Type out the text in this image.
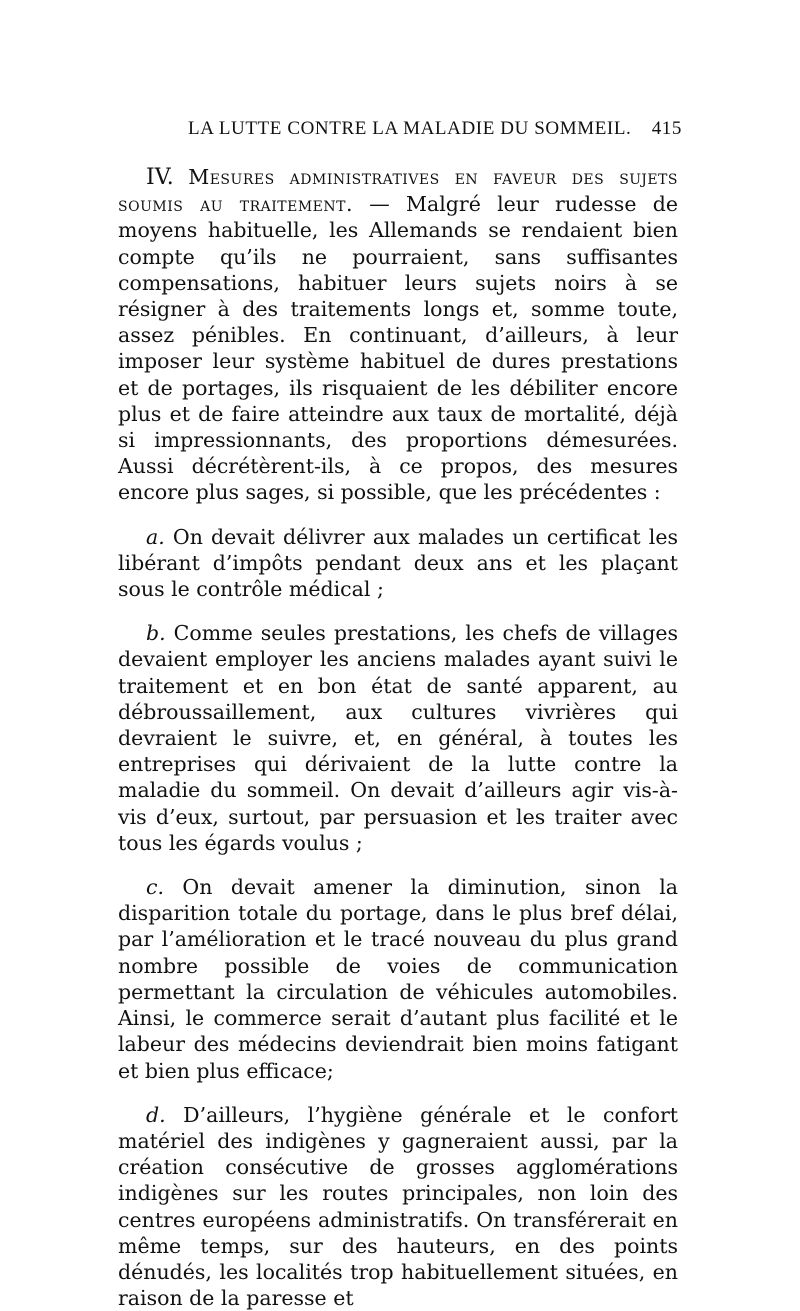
LA LUTTE CONTRE LA MALADIE DU SOMMEIL. 415

IV. Mesures administratives en faveur des sujets soumis au traitement. — Malgré leur rudesse de moyens habituelle, les Allemands se rendaient bien compte qu’ils ne pourraient, sans suffisantes compensations, habituer leurs sujets noirs à se résigner à des traitements longs et, somme toute, assez pénibles. En continuant, d’ailleurs, à leur imposer leur système habituel de dures prestations et de portages, ils risquaient de les débiliter encore plus et de faire atteindre aux taux de mortalité, déjà si impressionnants, des proportions démesurées. Aussi décrétèrent-ils, à ce propos, des mesures encore plus sages, si possible, que les précédentes :

a. On devait délivrer aux malades un certificat les libérant d’impôts pendant deux ans et les plaçant sous le contrôle médical ;

b. Comme seules prestations, les chefs de villages devaient employer les anciens malades ayant suivi le traitement et en bon état de santé apparent, au débroussaillement, aux cultures vivrières qui devraient le suivre, et, en général, à toutes les entreprises qui dérivaient de la lutte contre la maladie du sommeil. On devait d’ailleurs agir vis-à-vis d’eux, surtout, par persuasion et les traiter avec tous les égards voulus ;

c. On devait amener la diminution, sinon la disparition totale du portage, dans le plus bref délai, par l’amélioration et le tracé nouveau du plus grand nombre possible de voies de communication permettant la circulation de véhicules automobiles. Ainsi, le commerce serait d’autant plus facilité et le labeur des médecins deviendrait bien moins fatigant et bien plus efficace;

d. D’ailleurs, l’hygiène générale et le confort matériel des indigènes y gagneraient aussi, par la création consécutive de grosses agglomérations indigènes sur les routes principales, non loin des centres européens administratifs. On transférerait en même temps, sur des hauteurs, en des points dénudés, les localités trop habituellement situées, en raison de la paresse et
